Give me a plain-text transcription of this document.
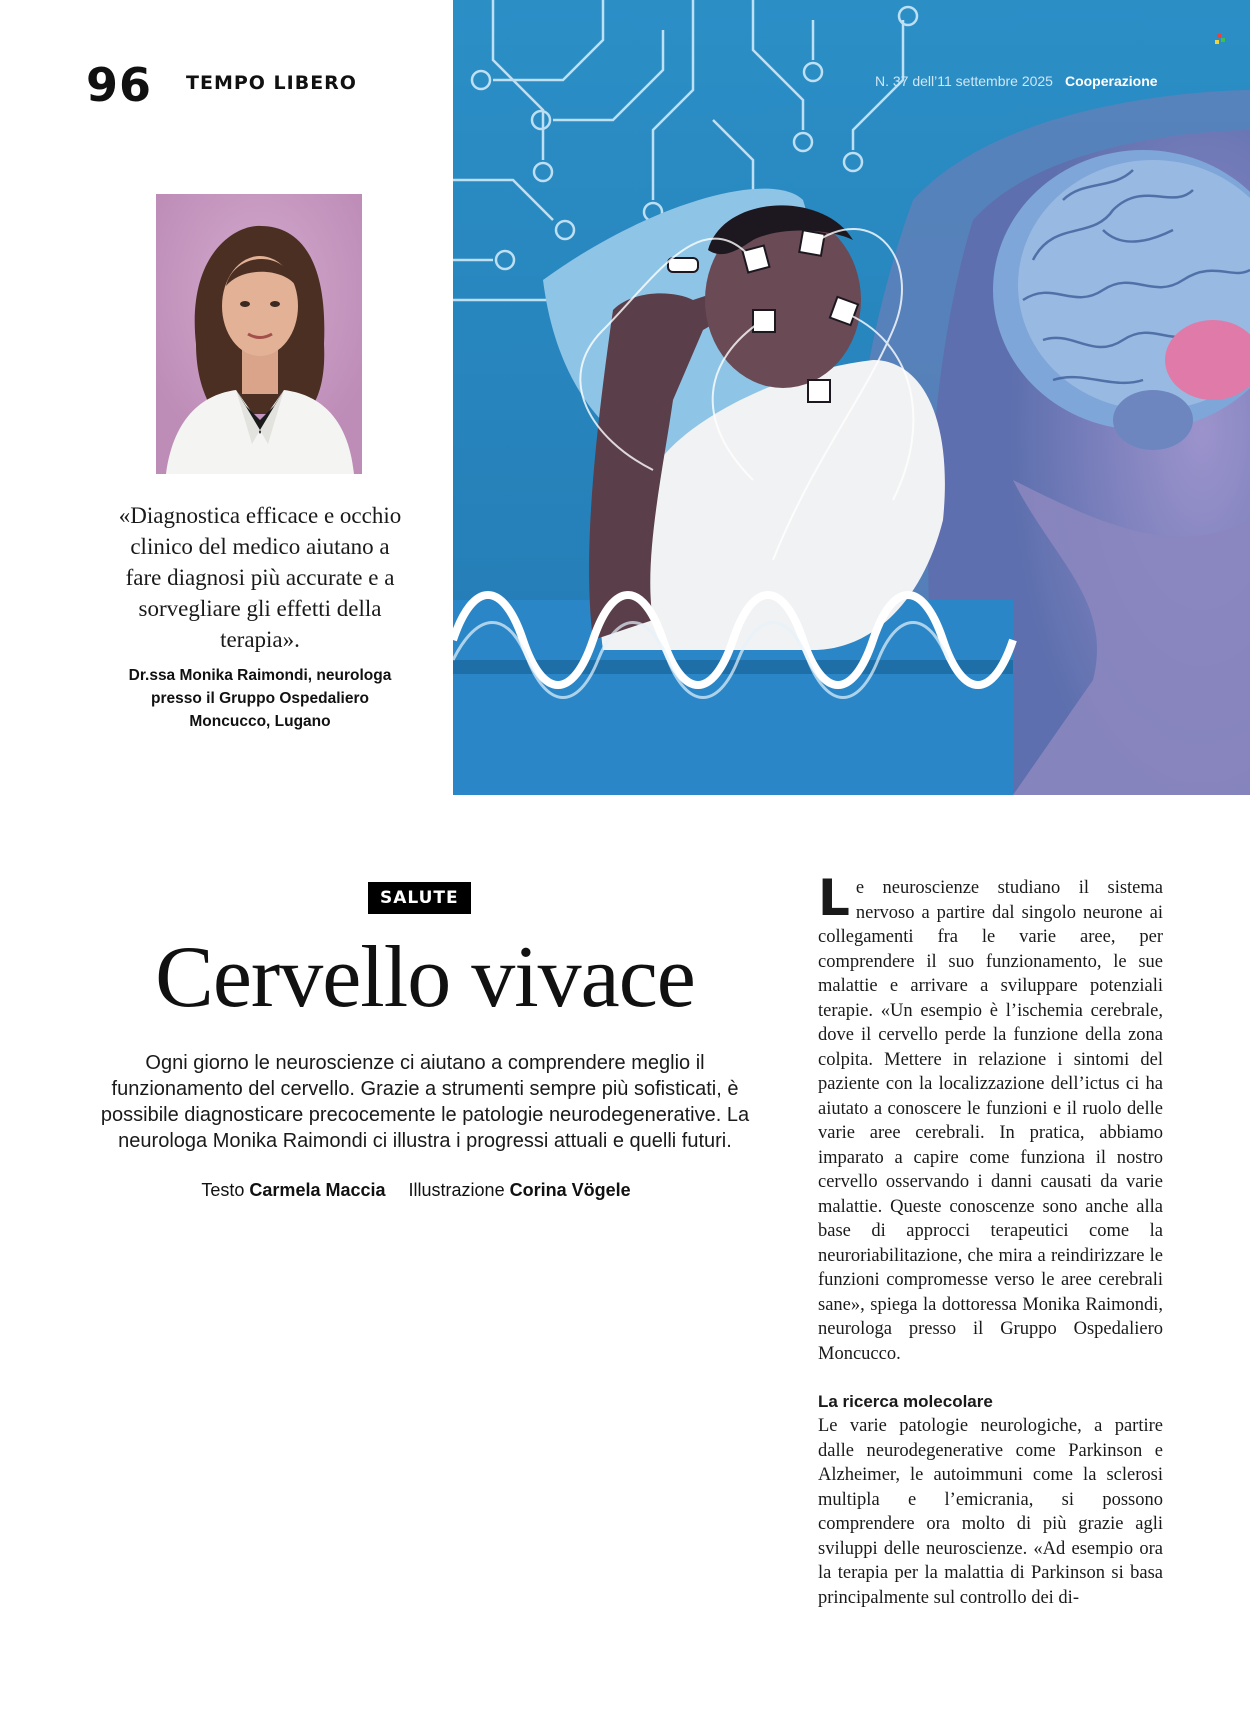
96 TEMPO LIBERO
«Diagnostica efficace e occhio clinico del medico aiutano a fare diagnosi più accurate e a sorvegliare gli effetti della terapia».
Dr.ssa Monika Raimondi, neurologa presso il Gruppo Ospedaliero Moncucco, Lugano
N. 37 dell’11 settembre 2025 Cooperazione
SALUTE
Cervello vivace
Ogni giorno le neuroscienze ci aiutano a comprendere meglio il funzionamento del cervello. Grazie a strumenti sempre più sofisticati, è possibile diagnosticare precocemente le patologie neurodegenerative. La neurologa Monika Raimondi ci illustra i progressi attuali e quelli futuri.
Testo Carmela Maccia Illustrazione Corina Vögele

Le neuroscienze studiano il sistema nervoso a partire dal singolo neurone ai collegamenti fra le varie aree, per comprendere il suo funzionamento, le sue malattie e arrivare a sviluppare potenziali terapie. «Un esempio è l’ischemia cerebrale, dove il cervello perde la funzione della zona colpita. Mettere in relazione i sintomi del paziente con la localizzazione dell’ictus ci ha aiutato a conoscere le funzioni e il ruolo delle varie aree cerebrali. In pratica, abbiamo imparato a capire come funziona il nostro cervello osservando i danni causati da varie malattie. Queste conoscenze sono anche alla base di approcci terapeutici come la neuroriabilitazione, che mira a reindirizzare le funzioni compromesse verso le aree cerebrali sane», spiega la dottoressa Monika Raimondi, neurologa presso il Gruppo Ospedaliero Moncucco.

La ricerca molecolare

Le varie patologie neurologiche, a partire dalle neurodegenerative come Parkinson e Alzheimer, le autoimmuni come la sclerosi multipla e l’emicrania, si possono comprendere ora molto di più grazie agli sviluppi delle neuroscienze. «Ad esempio ora la terapia per la malattia di Parkinson si basa principalmente sul controllo dei di-
